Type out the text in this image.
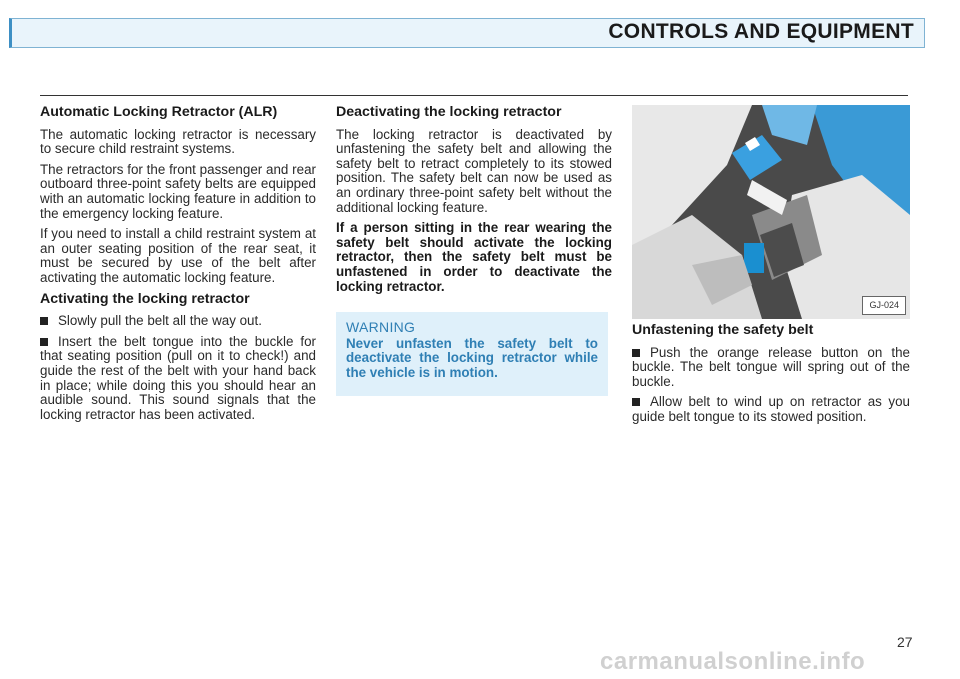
CONTROLS AND EQUIPMENT
Automatic Locking Retractor (ALR)

The automatic locking retractor is necessary to secure child restraint systems.

The retractors for the front passenger and rear outboard three-point safety belts are equipped with an automatic locking feature in addition to the emergency locking feature.

If you need to install a child restraint system at an outer seating position of the rear seat, it must be secured by use of the belt after activating the automatic locking feature.

Activating the locking retractor

Slowly pull the belt all the way out.

Insert the belt tongue into the buckle for that seating position (pull on it to check!) and guide the rest of the belt with your hand back in place; while doing this you should hear an audible sound. This sound signals that the locking retractor has been activated.

Deactivating the locking retractor

The locking retractor is deactivated by unfastening the safety belt and allowing the safety belt to retract completely to its stowed position. The safety belt can now be used as an ordinary three-point safety belt without the additional locking feature.

If a person sitting in the rear wearing the safety belt should activate the locking retractor, then the safety belt must be unfastened in order to deactivate the locking retractor.

WARNING

Never unfasten the safety belt to deactivate the locking retractor while the vehicle is in motion.

GJ-024
Unfastening the safety belt

Push the orange release button on the buckle. The belt tongue will spring out of the buckle.

Allow belt to wind up on retractor as you guide belt tongue to its stowed position.

27
carmanualsonline.info
